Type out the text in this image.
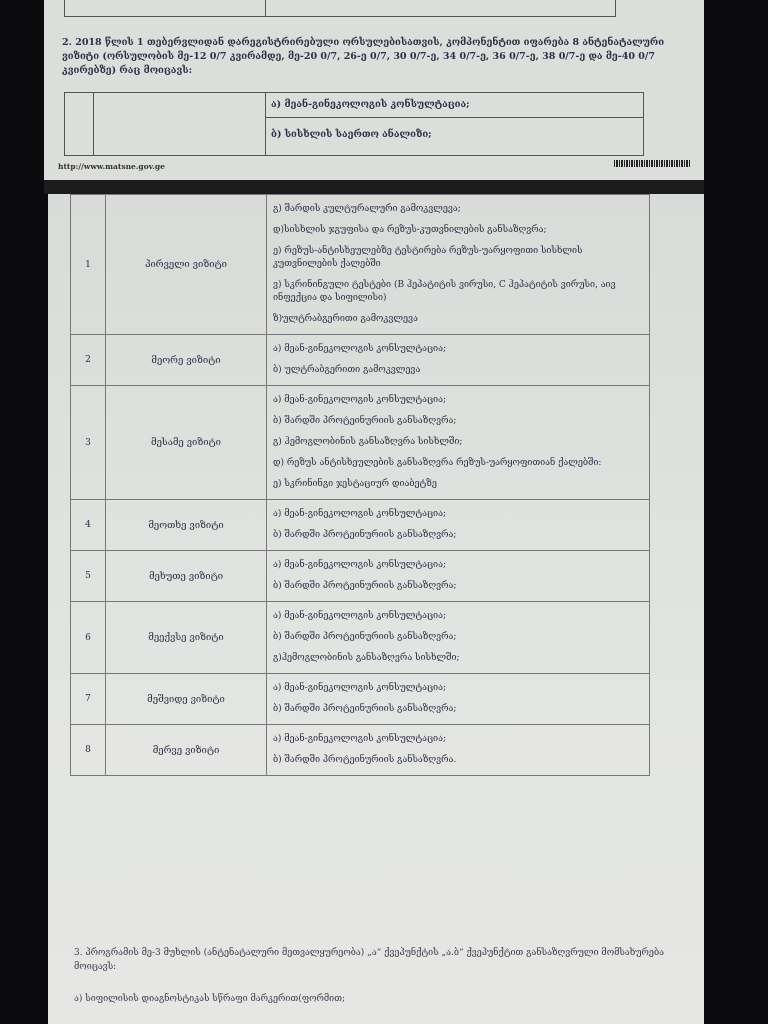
2. 2018 წლის 1 თებერვლიდან დარეგისტრირებული ორსულებისათვის, კომპონენტით იფარება 8 ანტენატალური ვიზიტი (ორსულობის მე-12 0/7 კვირამდე, მე-20 0/7, 26-ე 0/7, 30 0/7-ე, 34 0/7-ე, 36 0/7-ე, 38 0/7-ე და მე-40 0/7 კვირებზე) რაც მოიცავს:
ა) მეან-გინეკოლოგის კონსულტაცია;
ბ) სისხლის საერთო ანალიზი;
http://www.matsne.gov.ge
1	პირველი ვიზიტი	გ) შარდის კულტურალური გამოკვლევა;
დ)სისხლის ჯგუფისა და რეზუს-კუთვნილების განსაზღვრა;
ე) რეზუს-ანტისხეულებზე ტესტირება რეზუს-უარყოფითი სისხლის კუთვნილების ქალებში
ვ) სკრინინგული ტესტები (B ჰეპატიტის ვირუსი, C ჰეპატიტის ვირუსი, აივ ინფექცია და სიფილისი)
ზ)ულტრაბგერითი გამოკვლევა

2	მეორე ვიზიტი	ა) მეან-გინეკოლოგის კონსულტაცია;
ბ) ულტრაბგერითი გამოკვლევა

3	მესამე ვიზიტი	ა) მეან-გინეკოლოგის კონსულტაცია;
ბ) შარდში პროტეინურიის განსაზღვრა;
გ) ჰემოგლობინის განსაზღვრა სისხლში;
დ) რეზუს ანტისხეულების განსაზღვრა რეზუს-უარყოფითიან ქალებში:
ე) სკრინინგი ჯესტაციურ დიაბეტზე

4	მეოთხე ვიზიტი	ა) მეან-გინეკოლოგის კონსულტაცია;
ბ) შარდში პროტეინურიის განსაზღვრა;

5	მეხუთე ვიზიტი	ა) მეან-გინეკოლოგის კონსულტაცია;
ბ) შარდში პროტეინურიის განსაზღვრა;

6	მეექვსე ვიზიტი	ა) მეან-გინეკოლოგის კონსულტაცია;
ბ) შარდში პროტეინურიის განსაზღვრა;
გ)ჰემოგლობინის განსაზღვრა სისხლში;

7	მეშვიდე ვიზიტი	ა) მეან-გინეკოლოგის კონსულტაცია;
ბ) შარდში პროტეინურიის განსაზღვრა;

8	მერვე ვიზიტი	ა) მეან-გინეკოლოგის კონსულტაცია;
ბ) შარდში პროტეინურიის განსაზღვრა.
3. პროგრამის მე-3 მუხლის (ანტენატალური მეთვალყურეობა) „ა“ ქვეპუნქტის „ა.ბ“ ქვეპუნქტით განსაზღვრული მომსახურება მოიცავს:
ა) სიფილისის დიაგნოსტიკას სწრაფი მარკერით(ფორმით;
